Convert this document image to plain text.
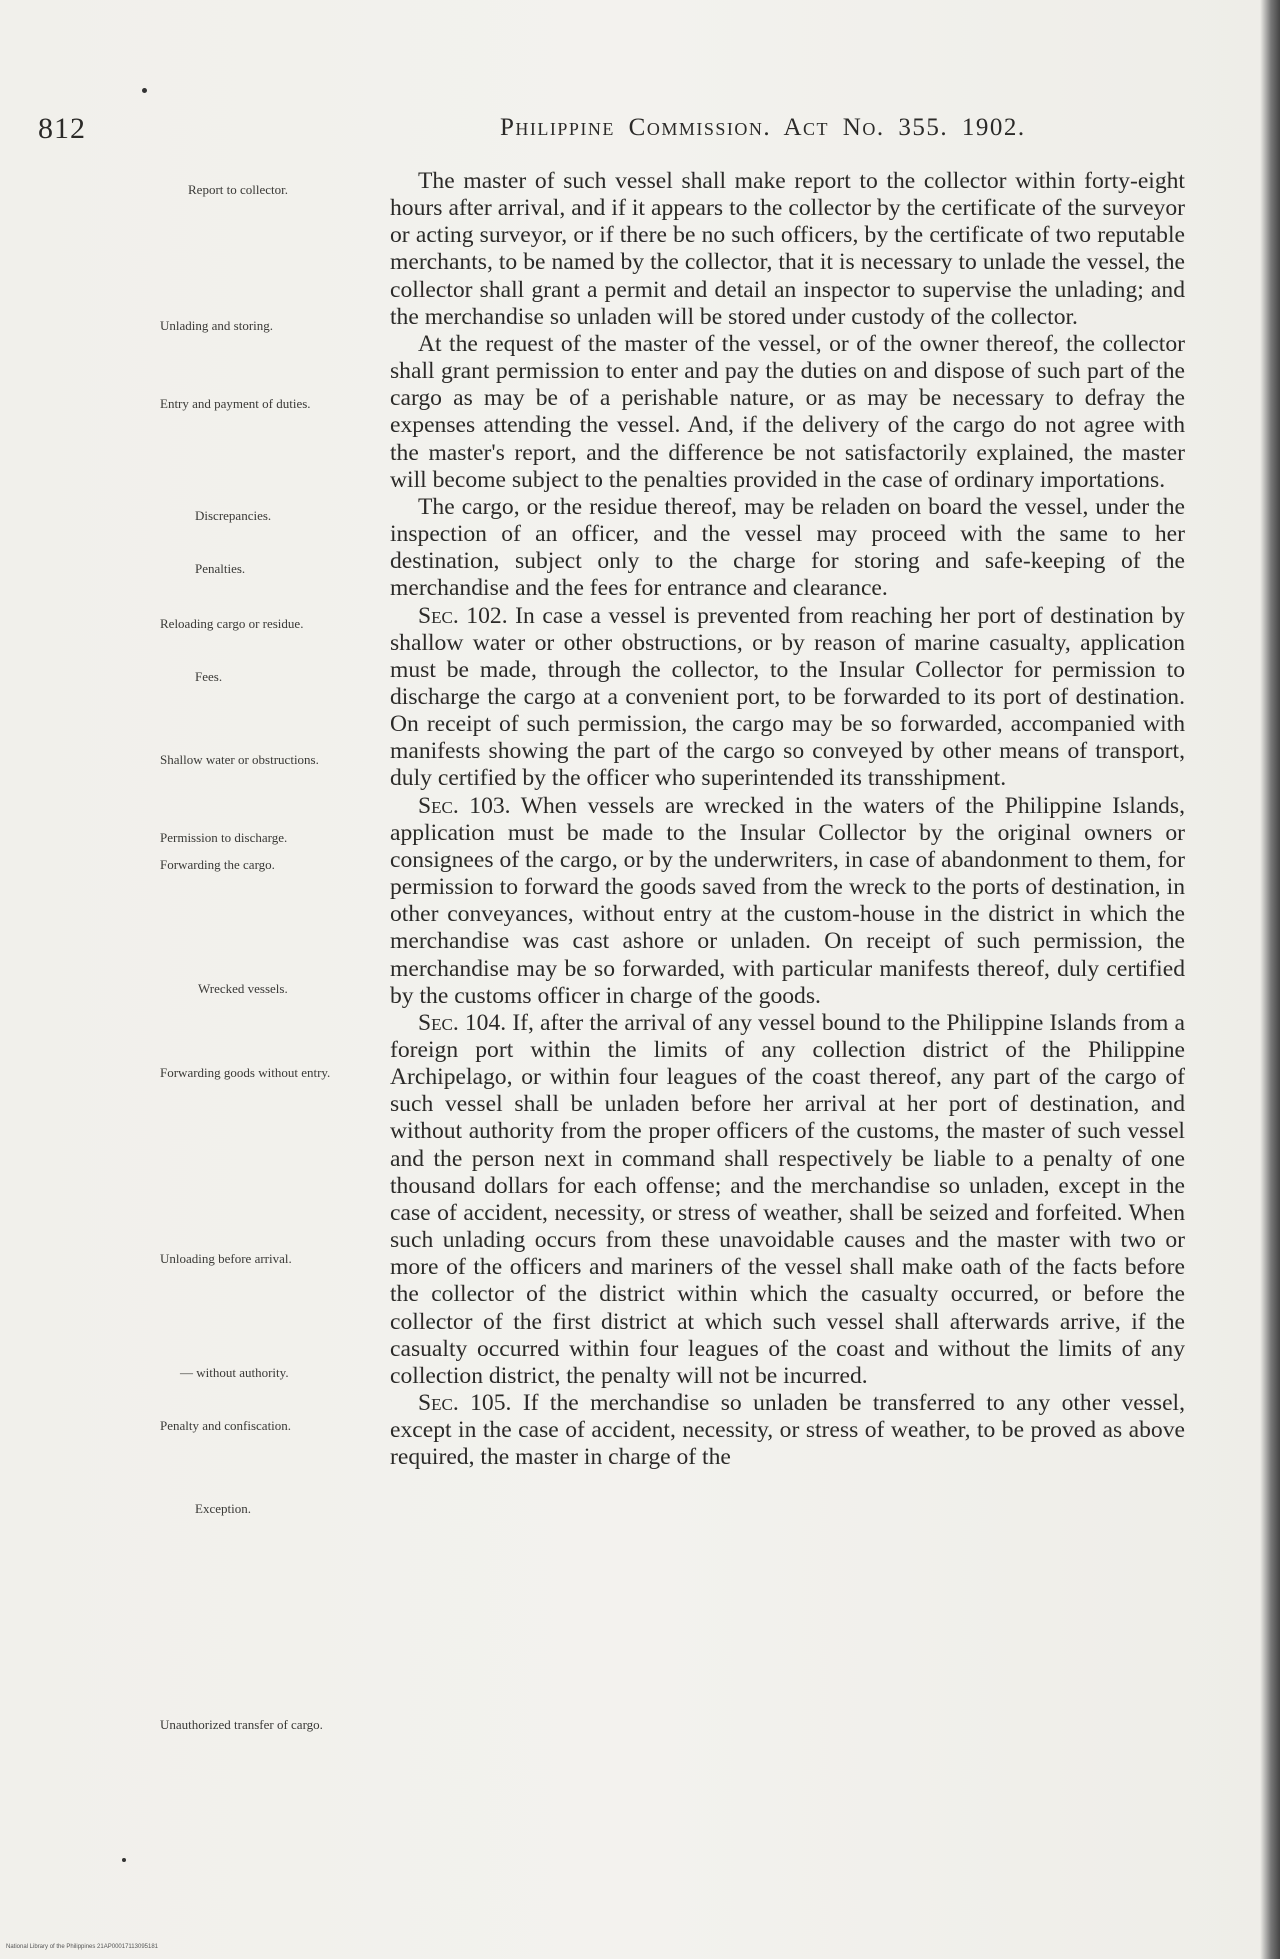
812	Philippine Commission. Act No. 355. 1902.
Report to collector.
Unlading and storing.
Entry and payment of duties.
Discrepancies.
Penalties.
Reloading cargo or residue.
Fees.
Shallow water or obstructions.
Permission to discharge.
Forwarding the cargo.
Wrecked vessels.
Forwarding goods without entry.
Unloading before arrival.
— without authority.
Penalty and confiscation.
Exception.
Unauthorized transfer of cargo.

The master of such vessel shall make report to the collector within forty-eight hours after arrival, and if it appears to the collector by the certificate of the surveyor or acting surveyor, or if there be no such officers, by the certificate of two reputable merchants, to be named by the collector, that it is necessary to unlade the vessel, the collector shall grant a permit and detail an inspector to supervise the unlading; and the merchandise so unladen will be stored under custody of the collector.

At the request of the master of the vessel, or of the owner thereof, the collector shall grant permission to enter and pay the duties on and dispose of such part of the cargo as may be of a perishable nature, or as may be necessary to defray the expenses attending the vessel. And, if the delivery of the cargo do not agree with the master's report, and the difference be not satisfactorily explained, the master will become subject to the penalties provided in the case of ordinary importations.

The cargo, or the residue thereof, may be reladen on board the vessel, under the inspection of an officer, and the vessel may proceed with the same to her destination, subject only to the charge for storing and safe-keeping of the merchandise and the fees for entrance and clearance.

Sec. 102. In case a vessel is prevented from reaching her port of destination by shallow water or other obstructions, or by reason of marine casualty, application must be made, through the collector, to the Insular Collector for permission to discharge the cargo at a convenient port, to be forwarded to its port of destination. On receipt of such permission, the cargo may be so forwarded, accompanied with manifests showing the part of the cargo so conveyed by other means of transport, duly certified by the officer who superintended its transshipment.

Sec. 103. When vessels are wrecked in the waters of the Philippine Islands, application must be made to the Insular Collector by the original owners or consignees of the cargo, or by the underwriters, in case of abandonment to them, for permission to forward the goods saved from the wreck to the ports of destination, in other conveyances, without entry at the custom-house in the district in which the merchandise was cast ashore or unladen. On receipt of such permission, the merchandise may be so forwarded, with particular manifests thereof, duly certified by the customs officer in charge of the goods.

Sec. 104. If, after the arrival of any vessel bound to the Philippine Islands from a foreign port within the limits of any collection district of the Philippine Archipelago, or within four leagues of the coast thereof, any part of the cargo of such vessel shall be unladen before her arrival at her port of destination, and without authority from the proper officers of the customs, the master of such vessel and the person next in command shall respectively be liable to a penalty of one thousand dollars for each offense; and the merchandise so unladen, except in the case of accident, necessity, or stress of weather, shall be seized and forfeited. When such unlading occurs from these unavoidable causes and the master with two or more of the officers and mariners of the vessel shall make oath of the facts before the collector of the district within which the casualty occurred, or before the collector of the first district at which such vessel shall afterwards arrive, if the casualty occurred within four leagues of the coast and without the limits of any collection district, the penalty will not be incurred.

Sec. 105. If the merchandise so unladen be transferred to any other vessel, except in the case of accident, necessity, or stress of weather, to be proved as above required, the master in charge of the

National Library of the Philippines 21AP00017113095181
